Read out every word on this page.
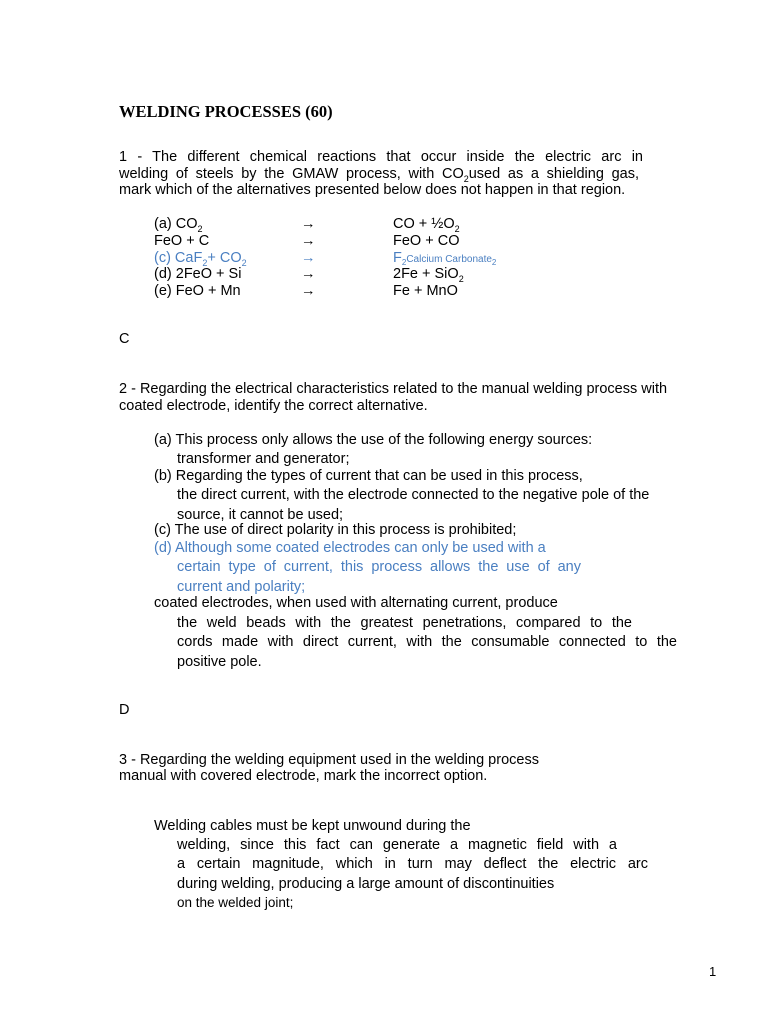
WELDING PROCESSES (60)
1 - The different chemical reactions that occur inside the electric arc in
welding of steels by the GMAW process, with $CO_2used$ as a shielding gas,
mark which of the alternatives presented below does not happen in that region.
(a) $CO_2$	→	CO + $\frac{1}{2}O_2$
FeO + C	→	FeO + CO
(c) $CaF_2+ CO_2$	→	$F_2Calcium$ Carbonate$_2$
(d) 2FeO + Si	→	2Fe + SiO$_2$
(e) FeO + Mn	→	Fe + MnO
C
2 - Regarding the electrical characteristics related to the manual welding process with
coated electrode, identify the correct alternative.
(a) This process only allows the use of the following energy sources:
transformer and generator;
(b) Regarding the types of current that can be used in this process,
the direct current, with the electrode connected to the negative pole of the
source, it cannot be used;
(c) The use of direct polarity in this process is prohibited;
(d) Although some coated electrodes can only be used with a
certain type of current, this process allows the use of any
current and polarity;
coated electrodes, when used with alternating current, produce
the weld beads with the greatest penetrations, compared to the
cords made with direct current, with the consumable connected to the
positive pole.
D
3 - Regarding the welding equipment used in the welding process
manual with covered electrode, mark the incorrect option.
Welding cables must be kept unwound during the
welding, since this fact can generate a magnetic field with a
a certain magnitude, which in turn may deflect the electric arc
during welding, producing a large amount of discontinuities
on the welded joint;
1
